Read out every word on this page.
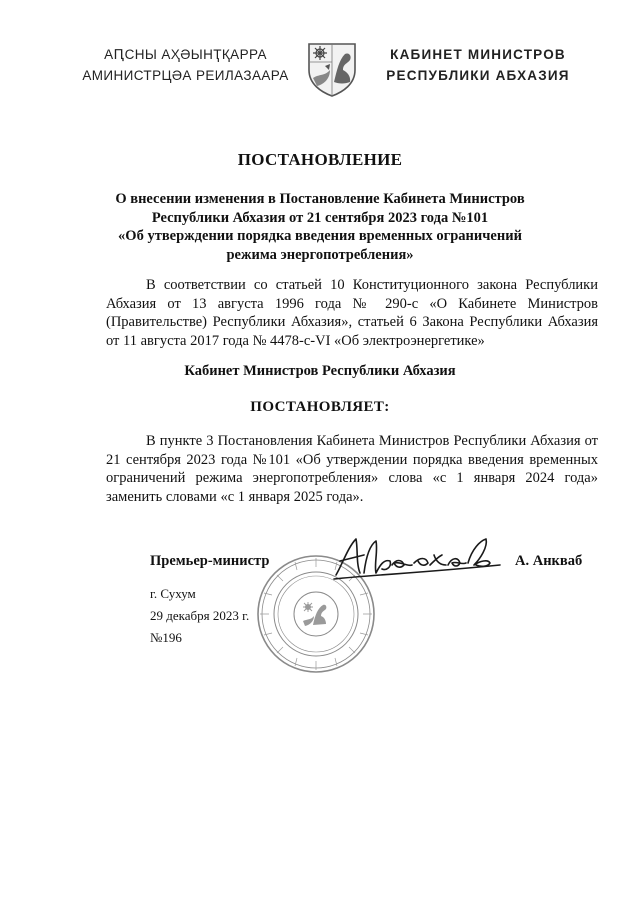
АԤСНЫ АҲӘЫНҬҚАРРА
АМИНИСТРЦӘА РЕИЛАЗААРА
КАБИНЕТ МИНИСТРОВ
РЕСПУБЛИКИ АБХАЗИЯ
ПОСТАНОВЛЕНИЕ
О внесении изменения в Постановление Кабинета Министров
Республики Абхазия от 21 сентября 2023 года №101
«Об утверждении порядка введения временных ограничений
режима энергопотребления»
В соответствии со статьей 10 Конституционного закона Республики Абхазия от 13 августа 1996 года № 290-с «О Кабинете Министров (Правительстве) Республики Абхазия», статьей 6 Закона Республики Абхазия от 11 августа 2017 года № 4478-с-VI «Об электроэнергетике»
Кабинет Министров Республики Абхазия
ПОСТАНОВЛЯЕТ:
В пункте 3 Постановления Кабинета Министров Республики Абхазия от 21 сентября 2023 года №101 «Об утверждении порядка введения временных ограничений режима энергопотребления» слова «с 1 января 2024 года» заменить словами «с 1 января 2025 года».
Премьер-министр	А. Анкваб
г. Сухум
29 декабря 2023 г.
№196
